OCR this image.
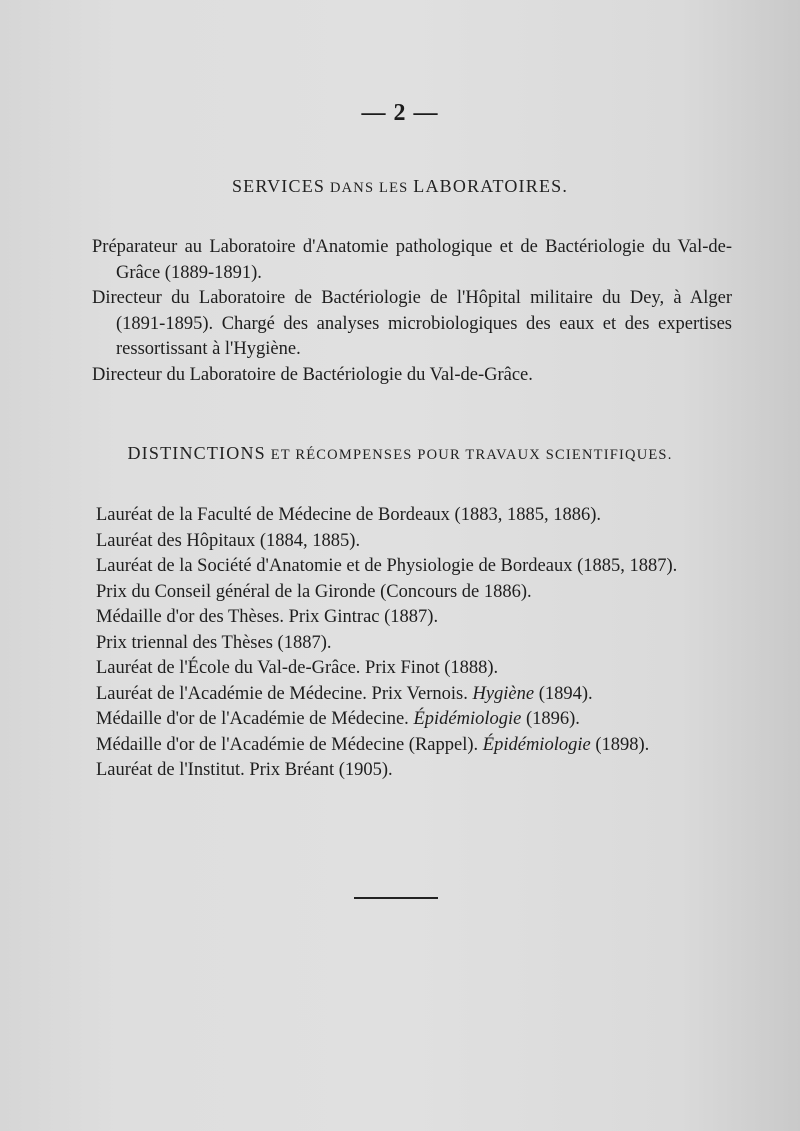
— 2 —
SERVICES DANS LES LABORATOIRES.
Préparateur au Laboratoire d'Anatomie pathologique et de Bactériologie du Val-de-Grâce (1889-1891).
Directeur du Laboratoire de Bactériologie de l'Hôpital militaire du Dey, à Alger (1891-1895). Chargé des analyses microbiologiques des eaux et des expertises ressortissant à l'Hygiène.
Directeur du Laboratoire de Bactériologie du Val-de-Grâce.
DISTINCTIONS ET RÉCOMPENSES POUR TRAVAUX SCIENTIFIQUES.
Lauréat de la Faculté de Médecine de Bordeaux (1883, 1885, 1886).
Lauréat des Hôpitaux (1884, 1885).
Lauréat de la Société d'Anatomie et de Physiologie de Bordeaux (1885, 1887).
Prix du Conseil général de la Gironde (Concours de 1886).
Médaille d'or des Thèses. Prix Gintrac (1887).
Prix triennal des Thèses (1887).
Lauréat de l'École du Val-de-Grâce. Prix Finot (1888).
Lauréat de l'Académie de Médecine. Prix Vernois. Hygiène (1894).
Médaille d'or de l'Académie de Médecine. Épidémiologie (1896).
Médaille d'or de l'Académie de Médecine (Rappel). Épidémiologie (1898).
Lauréat de l'Institut. Prix Bréant (1905).
